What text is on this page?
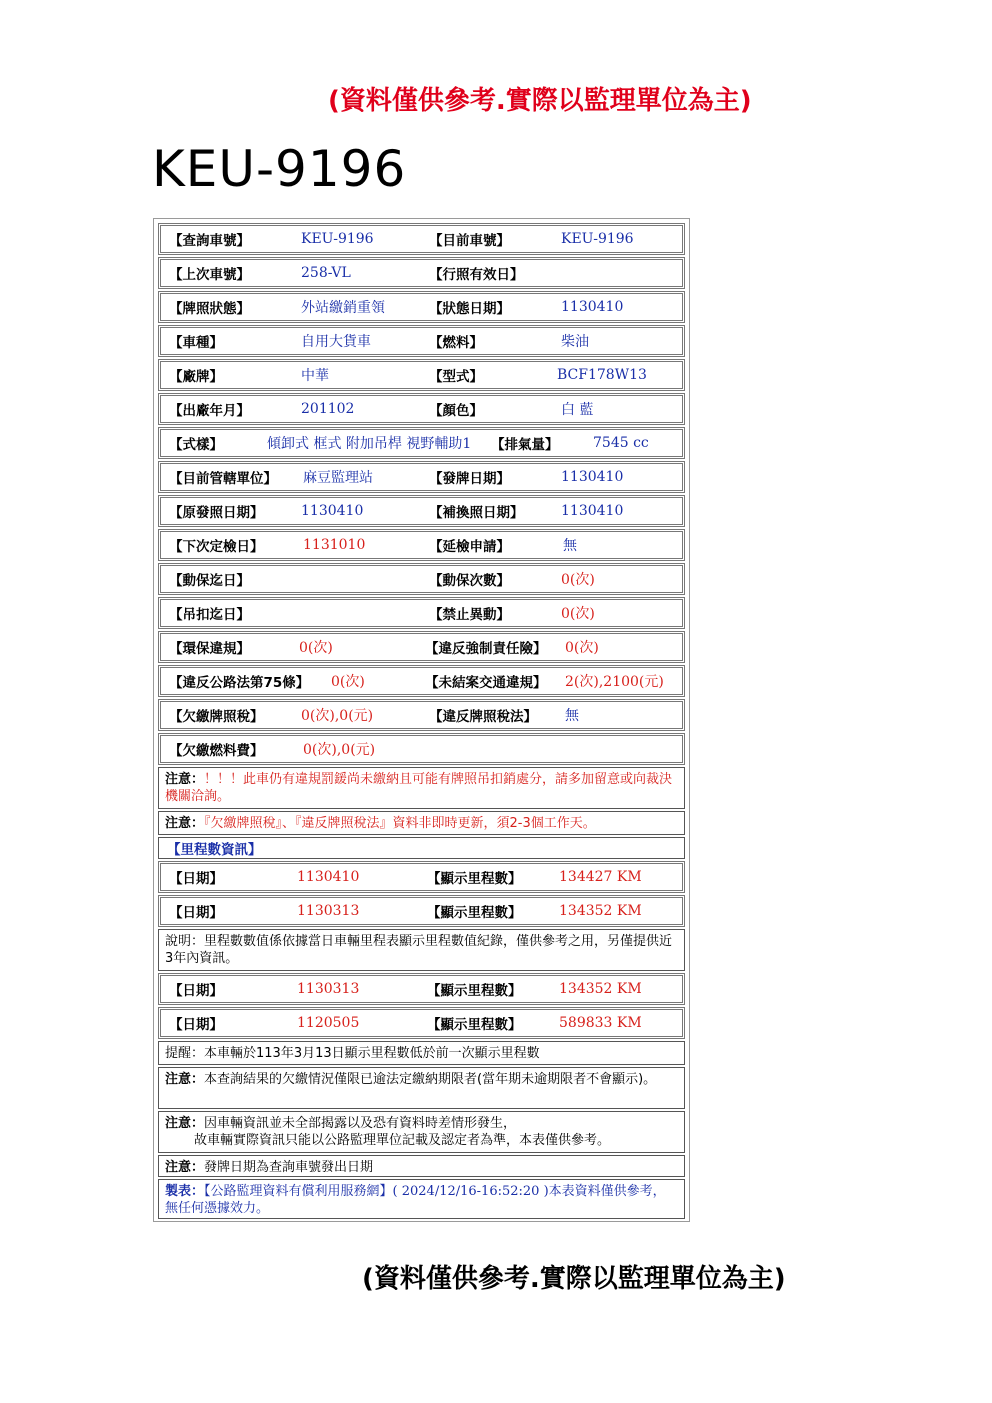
(資料僅供參考.實際以監理單位為主)
KEU-9196
【查詢車號】	KEU-9196	【目前車號】	KEU-9196
【上次車號】	258-VL	【行照有效日】
【牌照狀態】	外站繳銷重領	【狀態日期】	1130410
【車種】	自用大貨車	【燃料】	柴油
【廠牌】	中華	【型式】	BCF178W13
【出廠年月】	201102	【顏色】	白 藍
【式樣】	傾卸式 框式 附加吊桿 視野輔助1 【排氣量】 7545 cc
【目前管轄單位】 麻豆監理站	【發牌日期】	1130410
【原發照日期】	1130410	【補換照日期】	1130410
【下次定檢日】	1131010	【延檢申請】	無
【動保迄日】	【動保次數】	0(次)
【吊扣迄日】	【禁止異動】	0(次)
【環保違規】	0(次)	【違反強制責任險】 0(次)
【違反公路法第75條】 0(次)	【未結案交通違規】 2(次),2100(元)
【欠繳牌照稅】	0(次),0(元)	【違反牌照稅法】 無
【欠繳燃料費】	0(次),0(元)
注意：！！！此車仍有違規罰鍰尚未繳納且可能有牌照吊扣銷處分，請多加留意或向裁決機關洽詢。
注意：『欠繳牌照稅』、『違反牌照稅法』資料非即時更新，須2-3個工作天。
【里程數資訊】
【日期】	1130410	【顯示里程數】	134427 KM
【日期】	1130313	【顯示里程數】	134352 KM
說明：里程數數值係依據當日車輛里程表顯示里程數值紀錄，僅供參考之用，另僅提供近3年內資訊。
【日期】	1130313	【顯示里程數】	134352 KM
【日期】	1120505	【顯示里程數】	589833 KM
提醒：本車輛於113年3月13日顯示里程數低於前一次顯示里程數
注意：本查詢結果的欠繳情況僅限已逾法定繳納期限者(當年期未逾期限者不會顯示)。
注意：因車輛資訊並未全部揭露以及恐有資料時差情形發生，
故車輛實際資訊只能以公路監理單位記載及認定者為準，本表僅供參考。
注意：發牌日期為查詢車號發出日期
製表：【公路監理資料有償利用服務網】( 2024/12/16-16:52:20 )本表資料僅供參考，無任何憑據效力。
(資料僅供參考.實際以監理單位為主)
